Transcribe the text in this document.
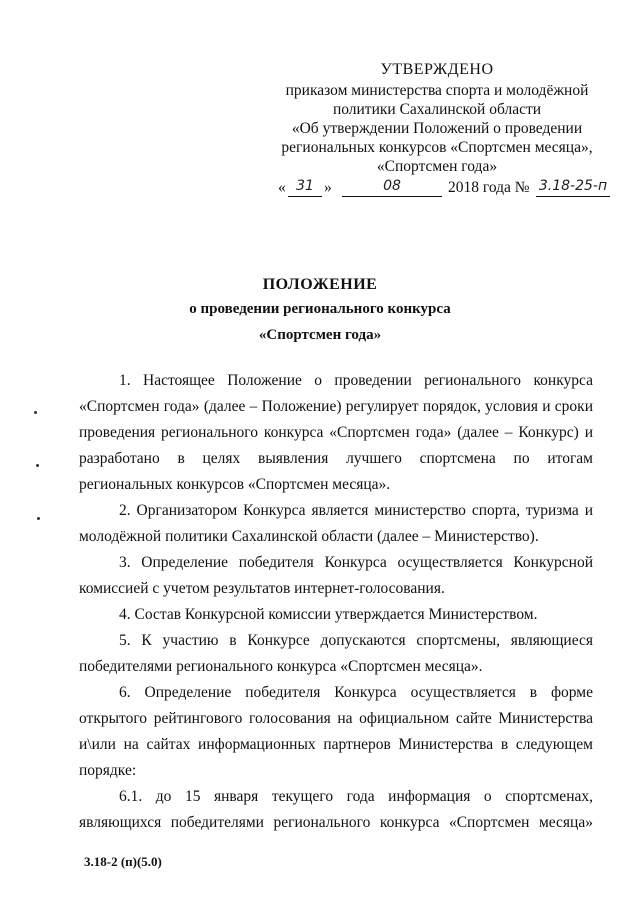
УТВЕРЖДЕНО
приказом министерства спорта и молодёжной
политики Сахалинской области
«Об утверждении Положений о проведении
региональных конкурсов «Спортсмен месяца»,
«Спортсмен года»
« 31 »	08	2018 года № 3.18-25-п
ПОЛОЖЕНИЕ
о проведении регионального конкурса
«Спортсмен года»

1. Настоящее Положение о проведении регионального конкурса «Спортсмен года» (далее – Положение) регулирует порядок, условия и сроки проведения регионального конкурса «Спортсмен года» (далее – Конкурс) и разработано в целях выявления лучшего спортсмена по итогам региональных конкурсов «Спортсмен месяца».

2. Организатором Конкурса является министерство спорта, туризма и молодёжной политики Сахалинской области (далее – Министерство).

3. Определение победителя Конкурса осуществляется Конкурсной комиссией с учетом результатов интернет-голосования.

4. Состав Конкурсной комиссии утверждается Министерством.

5. К участию в Конкурсе допускаются спортсмены, являющиеся победителями регионального конкурса «Спортсмен месяца».

6. Определение победителя Конкурса осуществляется в форме открытого рейтингового голосования на официальном сайте Министерства и\или на сайтах информационных партнеров Министерства в следующем порядке:

6.1. до 15 января текущего года информация о спортсменах, являющихся победителями регионального конкурса «Спортсмен месяца»

3.18-2 (п)(5.0)
